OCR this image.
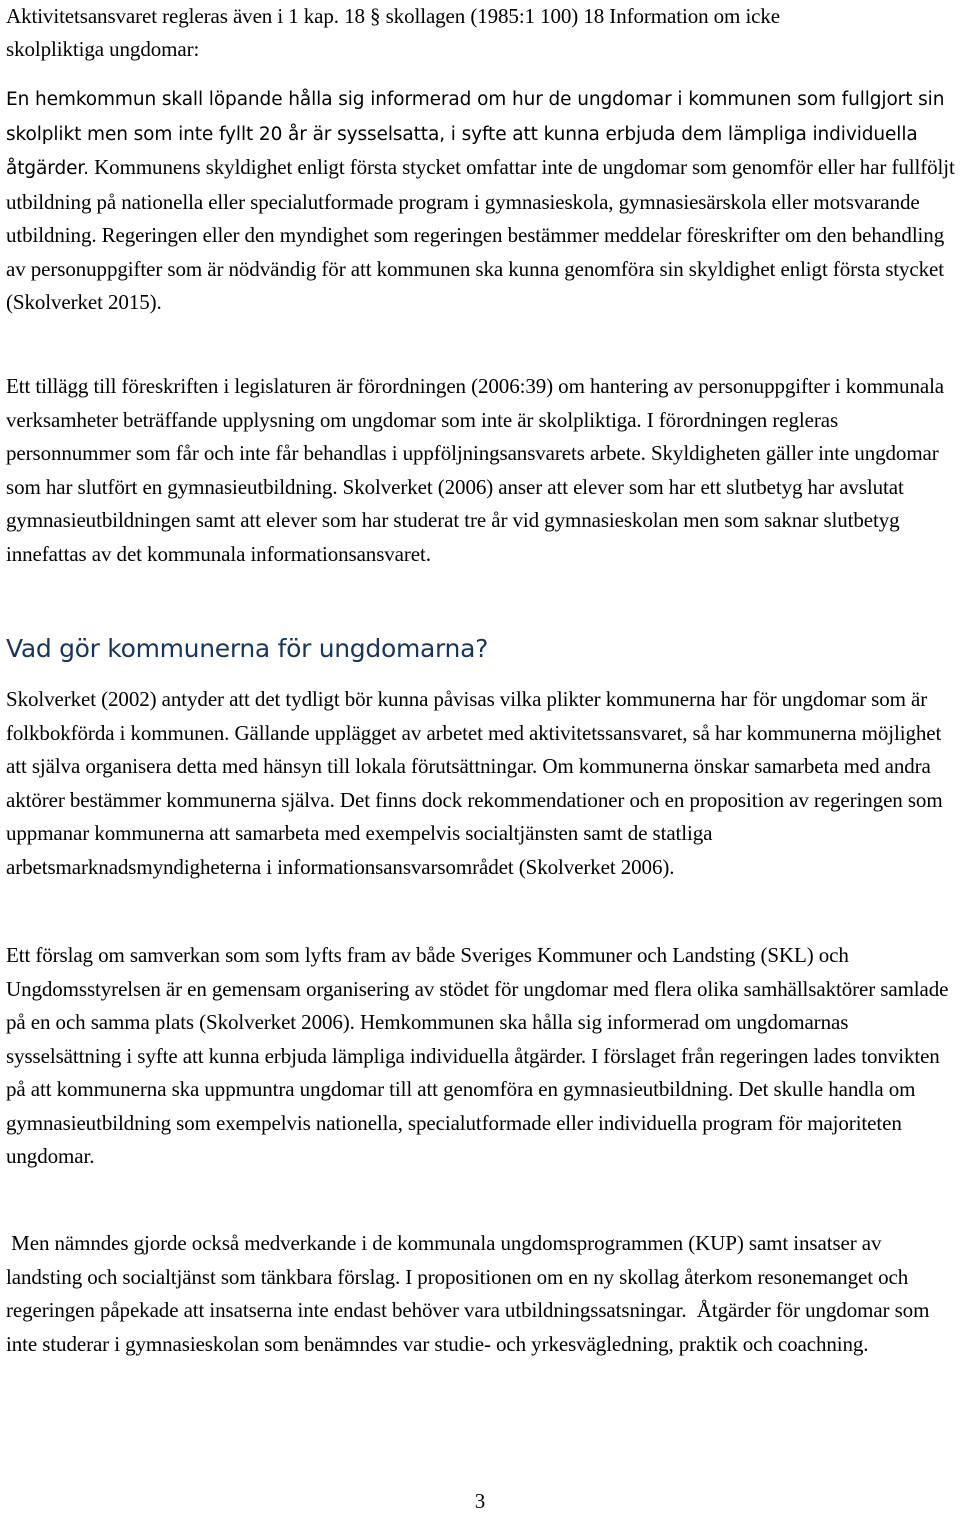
Aktivitetsansvaret regleras även i 1 kap. 18 § skollagen (1985:1 100) 18 Information om icke
skolpliktiga ungdomar:

En hemkommun skall löpande hålla sig informerad om hur de ungdomar i kommunen som fullgjort sin skolplikt men som inte fyllt 20 år är sysselsatta, i syfte att kunna erbjuda dem lämpliga individuella åtgärder. Kommunens skyldighet enligt första stycket omfattar inte de ungdomar som genomför eller har fullföljt utbildning på nationella eller specialutformade program i gymnasieskola, gymnasiesärskola eller motsvarande utbildning. Regeringen eller den myndighet som regeringen bestämmer meddelar föreskrifter om den behandling av personuppgifter som är nödvändig för att kommunen ska kunna genomföra sin skyldighet enligt första stycket (Skolverket 2015).

Ett tillägg till föreskriften i legislaturen är förordningen (2006:39) om hantering av personuppgifter i kommunala verksamheter beträffande upplysning om ungdomar som inte är skolpliktiga. I förordningen regleras personnummer som får och inte får behandlas i uppföljningsansvarets arbete. Skyldigheten gäller inte ungdomar som har slutfört en gymnasieutbildning. Skolverket (2006) anser att elever som har ett slutbetyg har avslutat gymnasieutbildningen samt att elever som har studerat tre år vid gymnasieskolan men som saknar slutbetyg innefattas av det kommunala informationsansvaret.

Vad gör kommunerna för ungdomarna?

Skolverket (2002) antyder att det tydligt bör kunna påvisas vilka plikter kommunerna har för ungdomar som är folkbokförda i kommunen. Gällande upplägget av arbetet med aktivitetssansvaret, så har kommunerna möjlighet att själva organisera detta med hänsyn till lokala förutsättningar. Om kommunerna önskar samarbeta med andra aktörer bestämmer kommunerna själva. Det finns dock rekommendationer och en proposition av regeringen som uppmanar kommunerna att samarbeta med exempelvis socialtjänsten samt de statliga arbetsmarknadsmyndigheterna i informationsansvarsområdet (Skolverket 2006).

Ett förslag om samverkan som som lyfts fram av både Sveriges Kommuner och Landsting (SKL) och Ungdomsstyrelsen är en gemensam organisering av stödet för ungdomar med flera olika samhällsaktörer samlade på en och samma plats (Skolverket 2006). Hemkommunen ska hålla sig informerad om ungdomarnas sysselsättning i syfte att kunna erbjuda lämpliga individuella åtgärder. I förslaget från regeringen lades tonvikten på att kommunerna ska uppmuntra ungdomar till att genomföra en gymnasieutbildning. Det skulle handla om gymnasieutbildning som exempelvis nationella, specialutformade eller individuella program för majoriteten ungdomar.

Men nämndes gjorde också medverkande i de kommunala ungdomsprogrammen (KUP) samt insatser av landsting och socialtjänst som tänkbara förslag. I propositionen om en ny skollag återkom resonemanget och regeringen påpekade att insatserna inte endast behöver vara utbildningssatsningar.  Åtgärder för ungdomar som inte studerar i gymnasieskolan som benämndes var studie- och yrkesvägledning, praktik och coachning.

3
